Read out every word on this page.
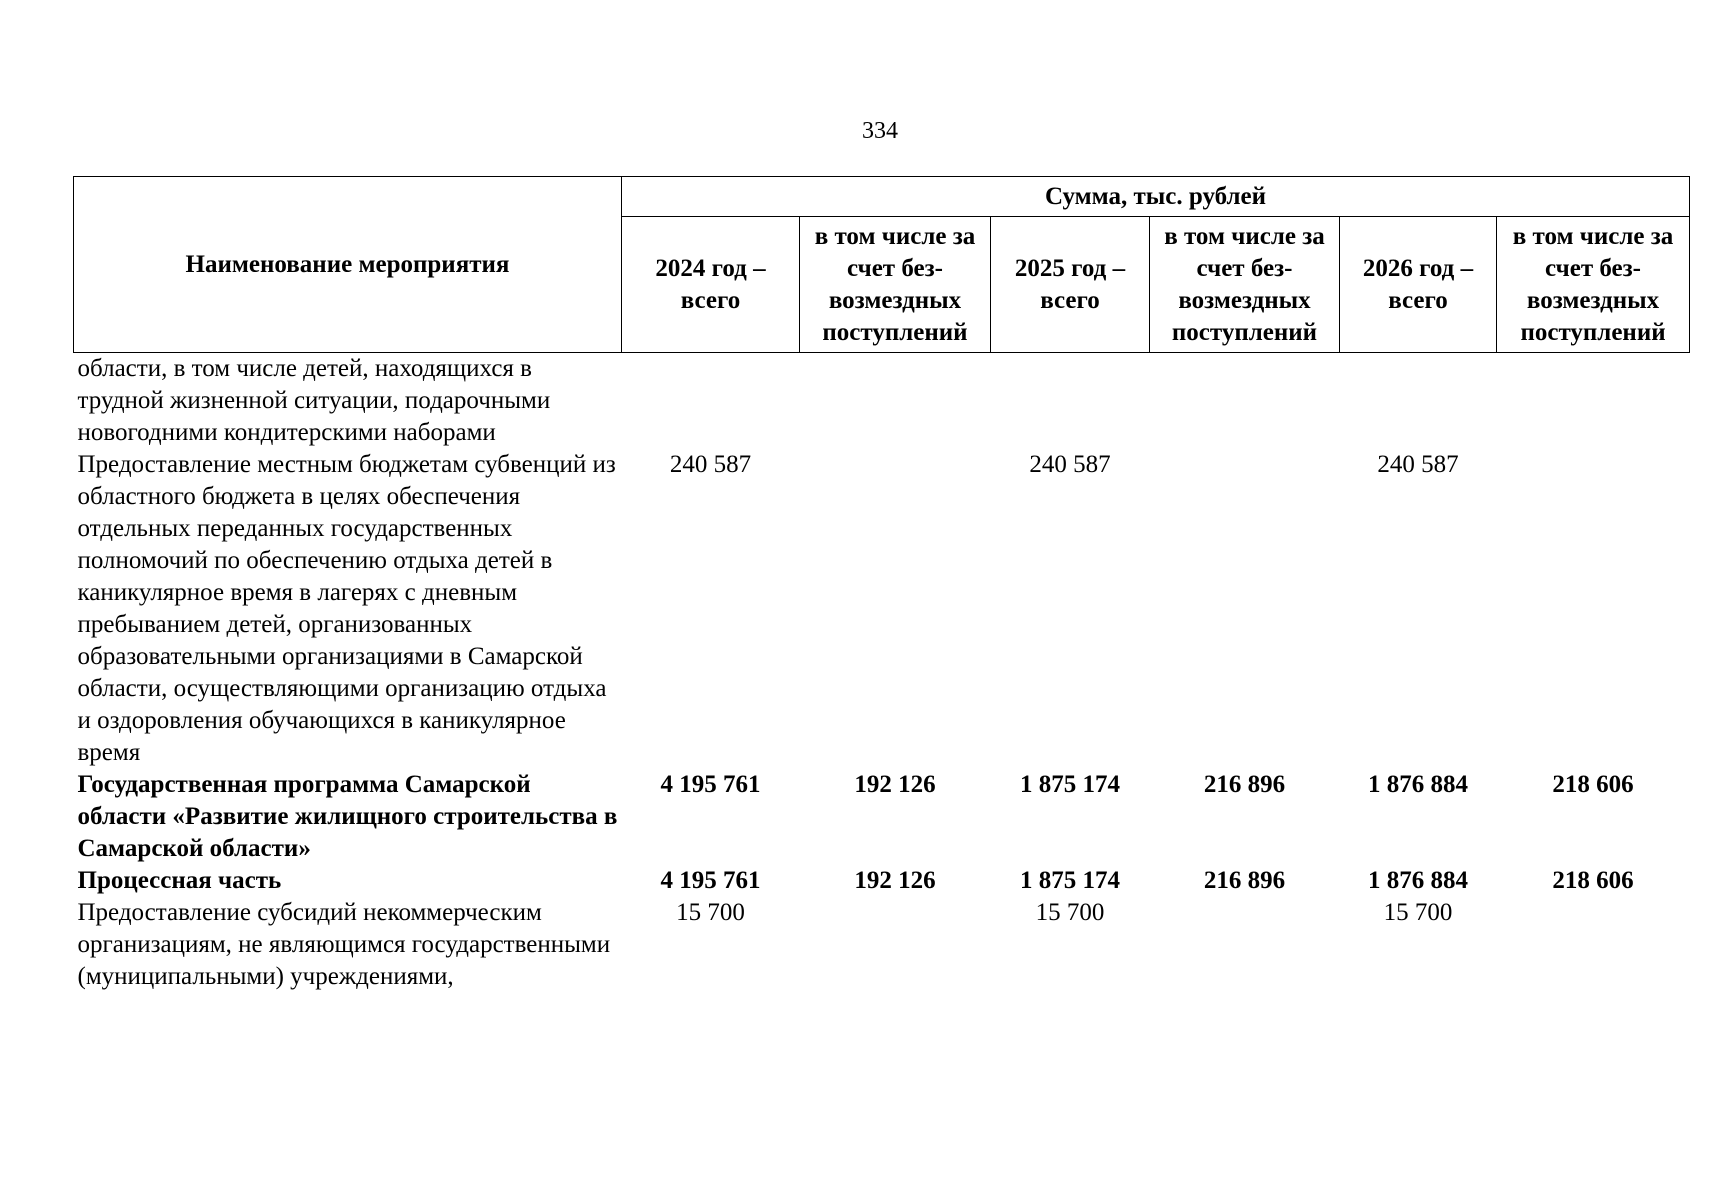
334
Наименование мероприятия	Сумма, тыс. рублей					
	2024 год – всего	в том числе за счет без-возмездных поступлений	2025 год – всего	в том числе за счет без-возмездных поступлений	2026 год – всего	в том числе за счет без-возмездных поступлений
области, в том числе детей, находящихся в трудной жизненной ситуации, подарочными новогодними кондитерскими наборами						
Предоставление местным бюджетам субвенций из областного бюджета в целях обеспечения отдельных переданных государственных полномочий по обеспечению отдыха детей в каникулярное время в лагерях с дневным пребыванием детей, организованных образовательными организациями в Самарской области, осуществляющими организацию отдыха и оздоровления обучающихся в каникулярное время	240 587		240 587		240 587	
Государственная программа Самарской области «Развитие жилищного строительства в Самарской области»	4 195 761	192 126	1 875 174	216 896	1 876 884	218 606
Процессная часть	4 195 761	192 126	1 875 174	216 896	1 876 884	218 606
Предоставление субсидий некоммерческим организациям, не являющимся государственными (муниципальными) учреждениями,	15 700		15 700		15 700	
